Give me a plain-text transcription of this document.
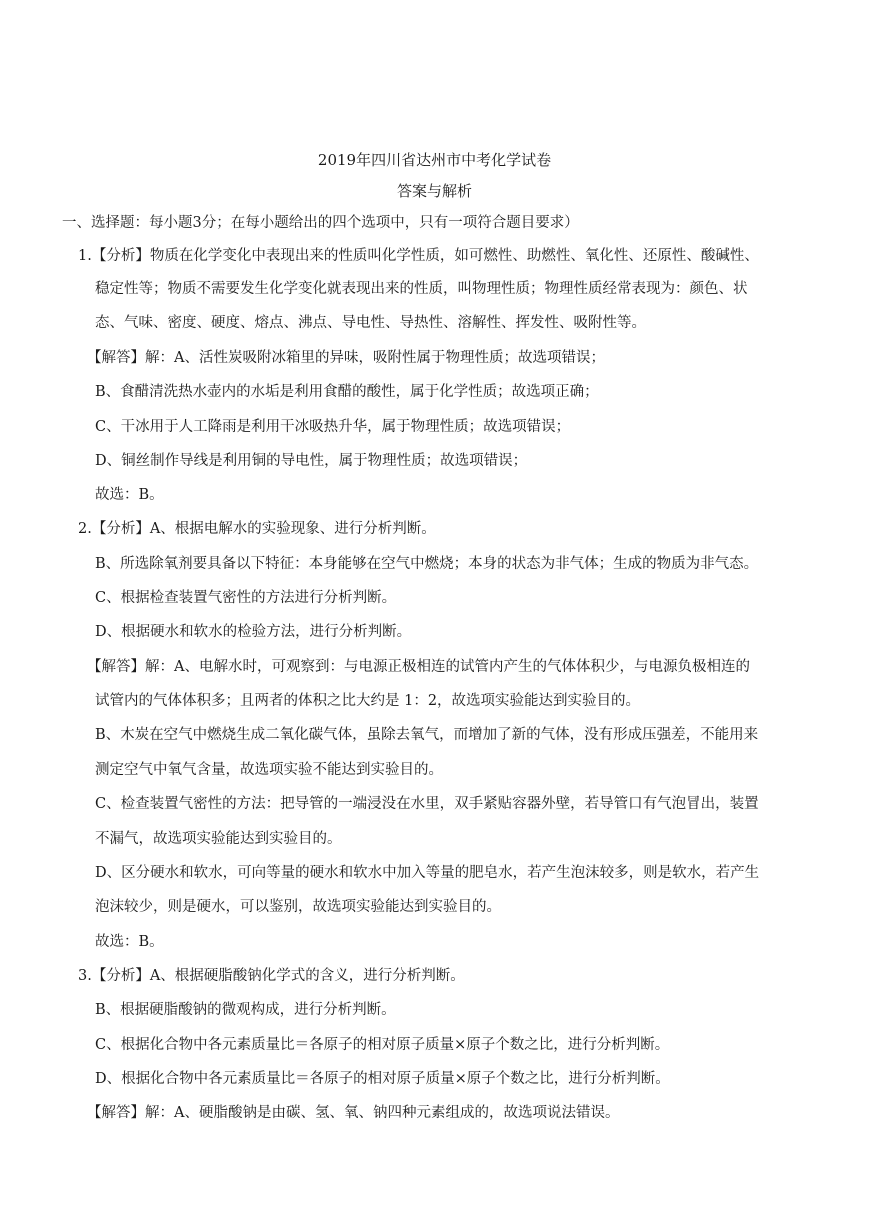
2019年四川省达州市中考化学试卷
答案与解析
一、选择题：每小题3分；在每小题给出的四个选项中，只有一项符合题目要求）
1.【分析】物质在化学变化中表现出来的性质叫化学性质，如可燃性、助燃性、氧化性、还原性、酸碱性、
稳定性等；物质不需要发生化学变化就表现出来的性质，叫物理性质；物理性质经常表现为：颜色、状
态、气味、密度、硬度、熔点、沸点、导电性、导热性、溶解性、挥发性、吸附性等。
【解答】解：A、活性炭吸附冰箱里的异味，吸附性属于物理性质；故选项错误；
B、食醋清洗热水壶内的水垢是利用食醋的酸性，属于化学性质；故选项正确；
C、干冰用于人工降雨是利用干冰吸热升华，属于物理性质；故选项错误；
D、铜丝制作导线是利用铜的导电性，属于物理性质；故选项错误；
故选：B。
2.【分析】A、根据电解水的实验现象、进行分析判断。
B、所选除氧剂要具备以下特征：本身能够在空气中燃烧；本身的状态为非气体；生成的物质为非气态。
C、根据检查装置气密性的方法进行分析判断。
D、根据硬水和软水的检验方法，进行分析判断。
【解答】解：A、电解水时，可观察到：与电源正极相连的试管内产生的气体体积少，与电源负极相连的
试管内的气体体积多；且两者的体积之比大约是 1：2，故选项实验能达到实验目的。
B、木炭在空气中燃烧生成二氧化碳气体，虽除去氧气，而增加了新的气体，没有形成压强差，不能用来
测定空气中氧气含量，故选项实验不能达到实验目的。
C、检查装置气密性的方法：把导管的一端浸没在水里，双手紧贴容器外壁，若导管口有气泡冒出，装置
不漏气，故选项实验能达到实验目的。
D、区分硬水和软水，可向等量的硬水和软水中加入等量的肥皂水，若产生泡沫较多，则是软水，若产生
泡沫较少，则是硬水，可以鉴别，故选项实验能达到实验目的。
故选：B。
3.【分析】A、根据硬脂酸钠化学式的含义，进行分析判断。
B、根据硬脂酸钠的微观构成，进行分析判断。
C、根据化合物中各元素质量比＝各原子的相对原子质量×原子个数之比，进行分析判断。
D、根据化合物中各元素质量比＝各原子的相对原子质量×原子个数之比，进行分析判断。
【解答】解：A、硬脂酸钠是由碳、氢、氧、钠四种元素组成的，故选项说法错误。
